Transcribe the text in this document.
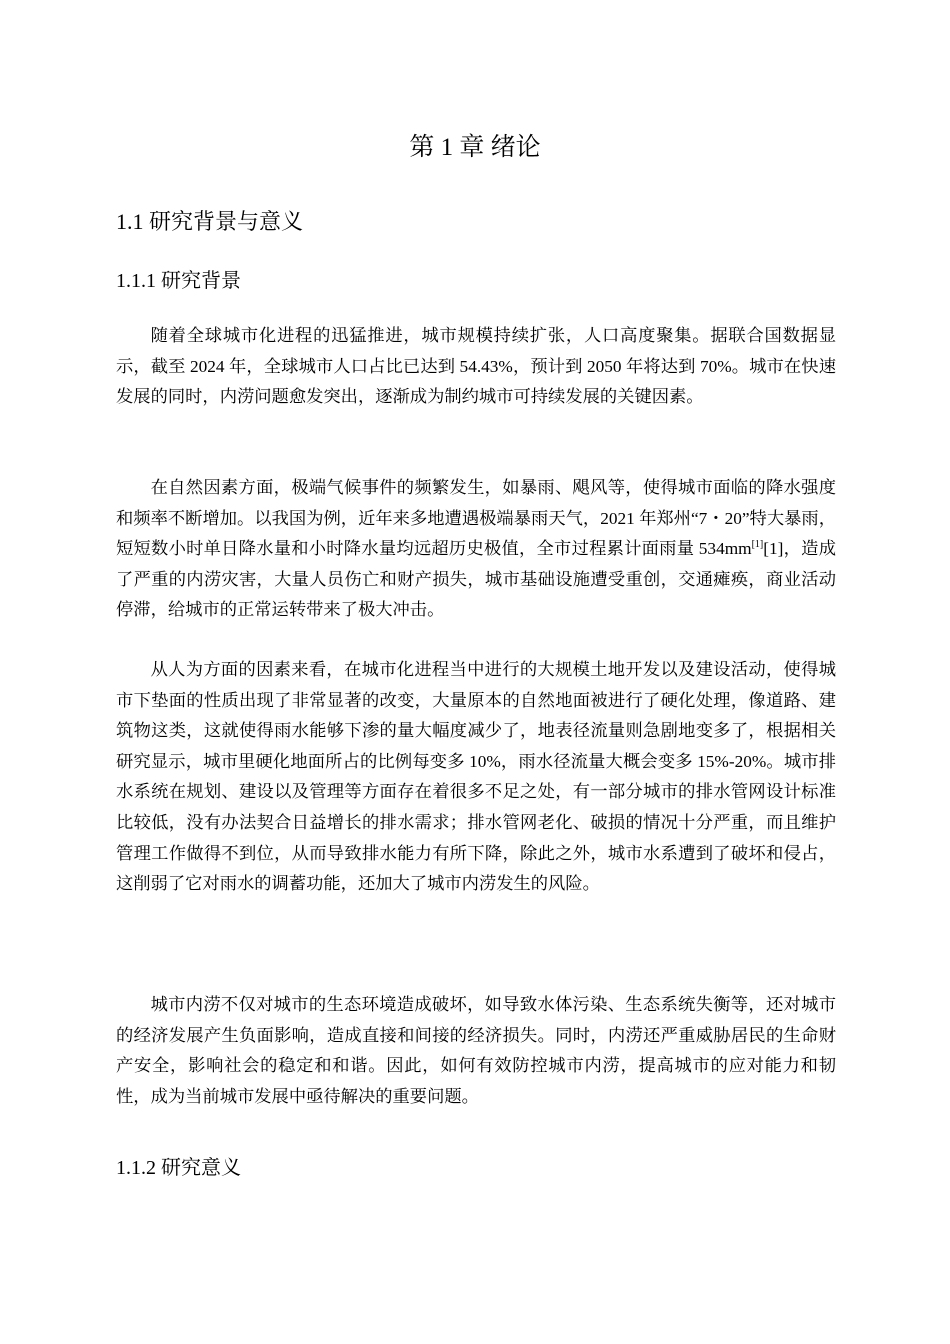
第 1 章 绪论
1.1 研究背景与意义
1.1.1 研究背景

随着全球城市化进程的迅猛推进，城市规模持续扩张，人口高度聚集。据联合国数据显示，截至 2024 年，全球城市人口占比已达到 54.43%，预计到 2050 年将达到 70%。城市在快速发展的同时，内涝问题愈发突出，逐渐成为制约城市可持续发展的关键因素。

在自然因素方面，极端气候事件的频繁发生，如暴雨、飓风等，使得城市面临的降水强度和频率不断增加。以我国为例，近年来多地遭遇极端暴雨天气，2021 年郑州“7・20”特大暴雨，短短数小时单日降水量和小时降水量均远超历史极值，全市过程累计面雨量 534mm[1][1]，造成了严重的内涝灾害，大量人员伤亡和财产损失，城市基础设施遭受重创，交通瘫痪，商业活动停滞，给城市的正常运转带来了极大冲击。

从人为方面的因素来看，在城市化进程当中进行的大规模土地开发以及建设活动，使得城市下垫面的性质出现了非常显著的改变，大量原本的自然地面被进行了硬化处理，像道路、建筑物这类，这就使得雨水能够下渗的量大幅度减少了，地表径流量则急剧地变多了，根据相关研究显示，城市里硬化地面所占的比例每变多 10%，雨水径流量大概会变多 15%-20%。城市排水系统在规划、建设以及管理等方面存在着很多不足之处，有一部分城市的排水管网设计标准比较低，没有办法契合日益增长的排水需求；排水管网老化、破损的情况十分严重，而且维护管理工作做得不到位，从而导致排水能力有所下降，除此之外，城市水系遭到了破坏和侵占，这削弱了它对雨水的调蓄功能，还加大了城市内涝发生的风险。

城市内涝不仅对城市的生态环境造成破坏，如导致水体污染、生态系统失衡等，还对城市的经济发展产生负面影响，造成直接和间接的经济损失。同时，内涝还严重威胁居民的生命财产安全，影响社会的稳定和和谐。因此，如何有效防控城市内涝，提高城市的应对能力和韧性，成为当前城市发展中亟待解决的重要问题。

1.1.2 研究意义
